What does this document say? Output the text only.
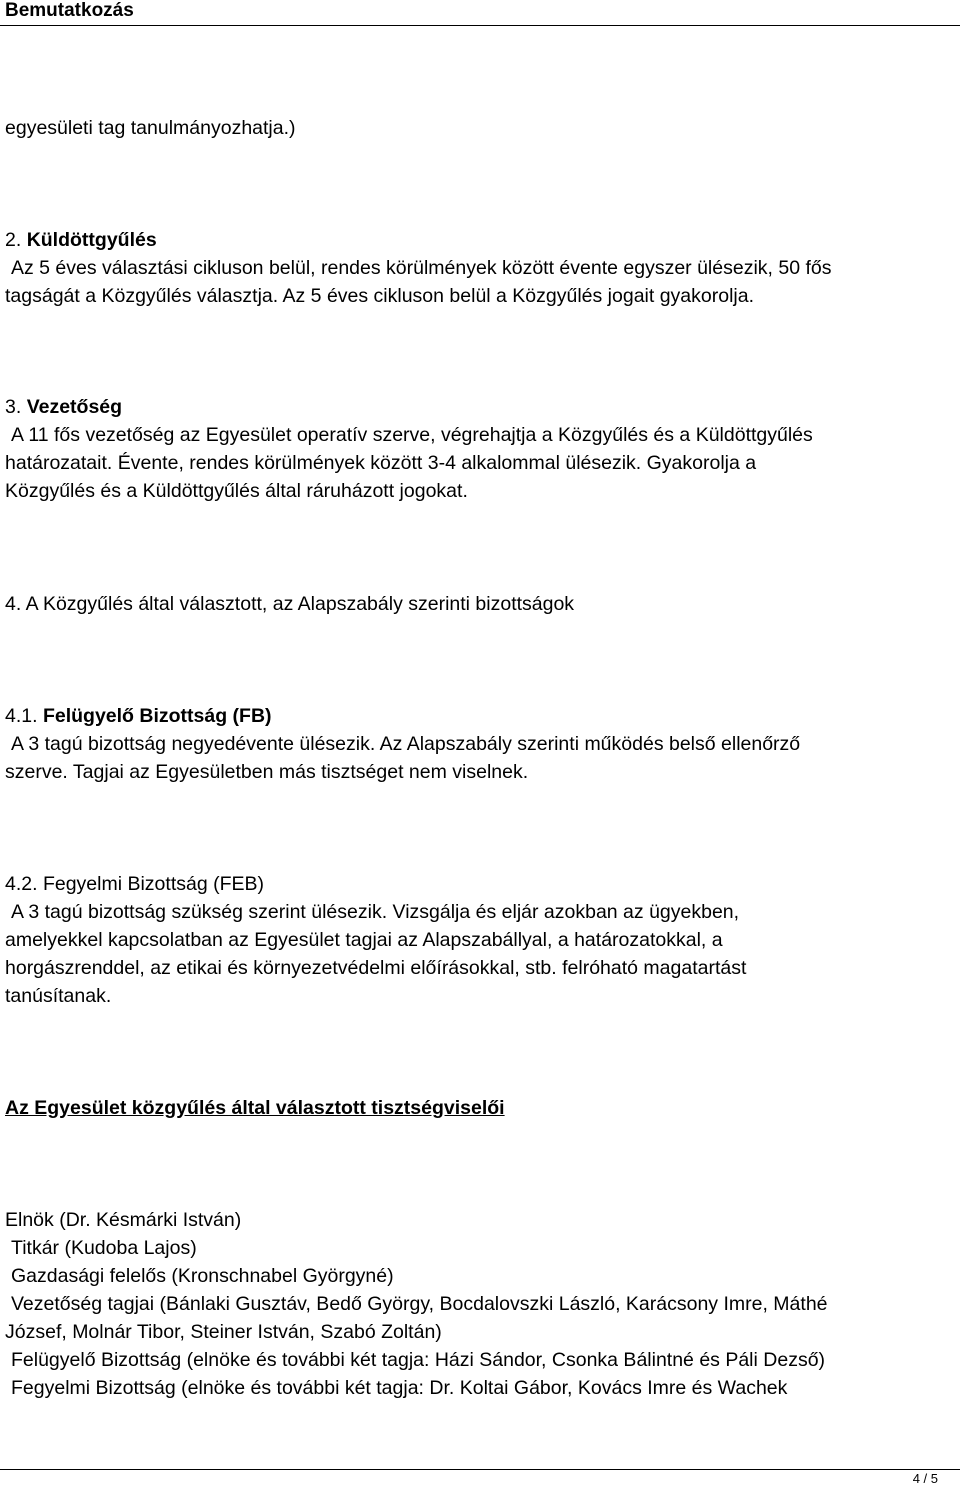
Bemutatkozás

egyesületi tag tanulmányozhatja.)

2. Küldöttgyűlés

Az 5 éves választási cikluson belül, rendes körülmények között évente egyszer ülésezik, 50 fős

tagságát a Közgyűlés választja. Az 5 éves cikluson belül a Közgyűlés jogait gyakorolja.

3. Vezetőség

A 11 fős vezetőség az Egyesület operatív szerve, végrehajtja a Közgyűlés és a Küldöttgyűlés

határozatait. Évente, rendes körülmények között 3-4 alkalommal ülésezik. Gyakorolja a

Közgyűlés és a Küldöttgyűlés által ráruházott jogokat.

4. A Közgyűlés által választott, az Alapszabály szerinti bizottságok

4.1. Felügyelő Bizottság (FB)

A 3 tagú bizottság negyedévente ülésezik. Az Alapszabály szerinti működés belső ellenőrző

szerve. Tagjai az Egyesületben más tisztséget nem viselnek.

4.2. Fegyelmi Bizottság (FEB)

A 3 tagú bizottság szükség szerint ülésezik. Vizsgálja és eljár azokban az ügyekben,

amelyekkel kapcsolatban az Egyesület tagjai az Alapszabállyal, a határozatokkal, a

horgászrenddel, az etikai és környezetvédelmi előírásokkal, stb. felróható magatartást

tanúsítanak.

Az Egyesület közgyűlés által választott tisztségviselői

Elnök (Dr. Késmárki István)

Titkár (Kudoba Lajos)

Gazdasági felelős (Kronschnabel Györgyné)

Vezetőség tagjai (Bánlaki Gusztáv, Bedő György, Bocdalovszki László, Karácsony Imre, Máthé

József, Molnár Tibor, Steiner István, Szabó Zoltán)

Felügyelő Bizottság (elnöke és további két tagja: Házi Sándor, Csonka Bálintné és Páli Dezső)

Fegyelmi Bizottság (elnöke és további két tagja: Dr. Koltai Gábor, Kovács Imre és Wachek

4 / 5
